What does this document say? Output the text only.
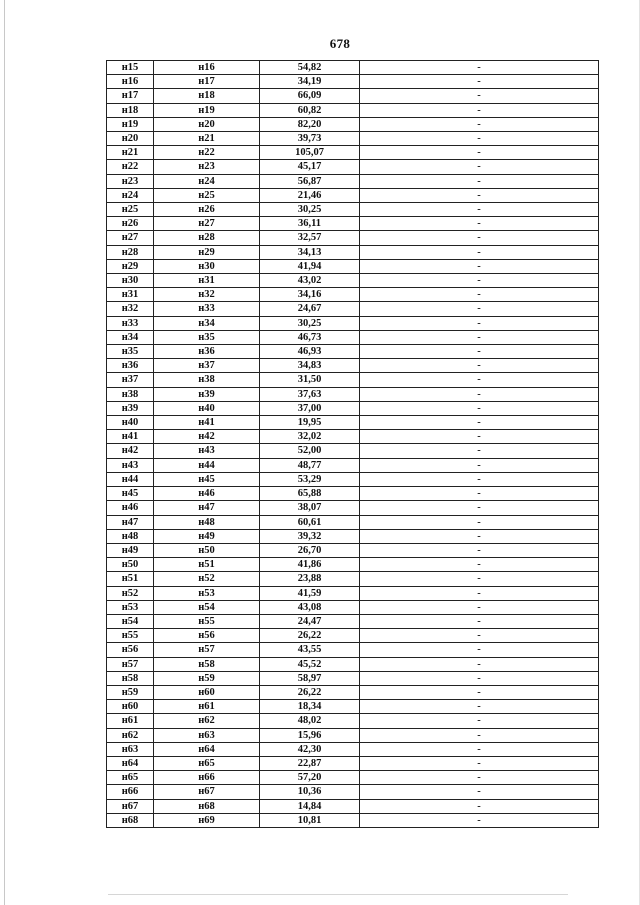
678
н15	н16	54,82	-
н16	н17	34,19	-
н17	н18	66,09	-
н18	н19	60,82	-
н19	н20	82,20	-
н20	н21	39,73	-
н21	н22	105,07	-
н22	н23	45,17	-
н23	н24	56,87	-
н24	н25	21,46	-
н25	н26	30,25	-
н26	н27	36,11	-
н27	н28	32,57	-
н28	н29	34,13	-
н29	н30	41,94	-
н30	н31	43,02	-
н31	н32	34,16	-
н32	н33	24,67	-
н33	н34	30,25	-
н34	н35	46,73	-
н35	н36	46,93	-
н36	н37	34,83	-
н37	н38	31,50	-
н38	н39	37,63	-
н39	н40	37,00	-
н40	н41	19,95	-
н41	н42	32,02	-
н42	н43	52,00	-
н43	н44	48,77	-
н44	н45	53,29	-
н45	н46	65,88	-
н46	н47	38,07	-
н47	н48	60,61	-
н48	н49	39,32	-
н49	н50	26,70	-
н50	н51	41,86	-
н51	н52	23,88	-
н52	н53	41,59	-
н53	н54	43,08	-
н54	н55	24,47	-
н55	н56	26,22	-
н56	н57	43,55	-
н57	н58	45,52	-
н58	н59	58,97	-
н59	н60	26,22	-
н60	н61	18,34	-
н61	н62	48,02	-
н62	н63	15,96	-
н63	н64	42,30	-
н64	н65	22,87	-
н65	н66	57,20	-
н66	н67	10,36	-
н67	н68	14,84	-
н68	н69	10,81	-
